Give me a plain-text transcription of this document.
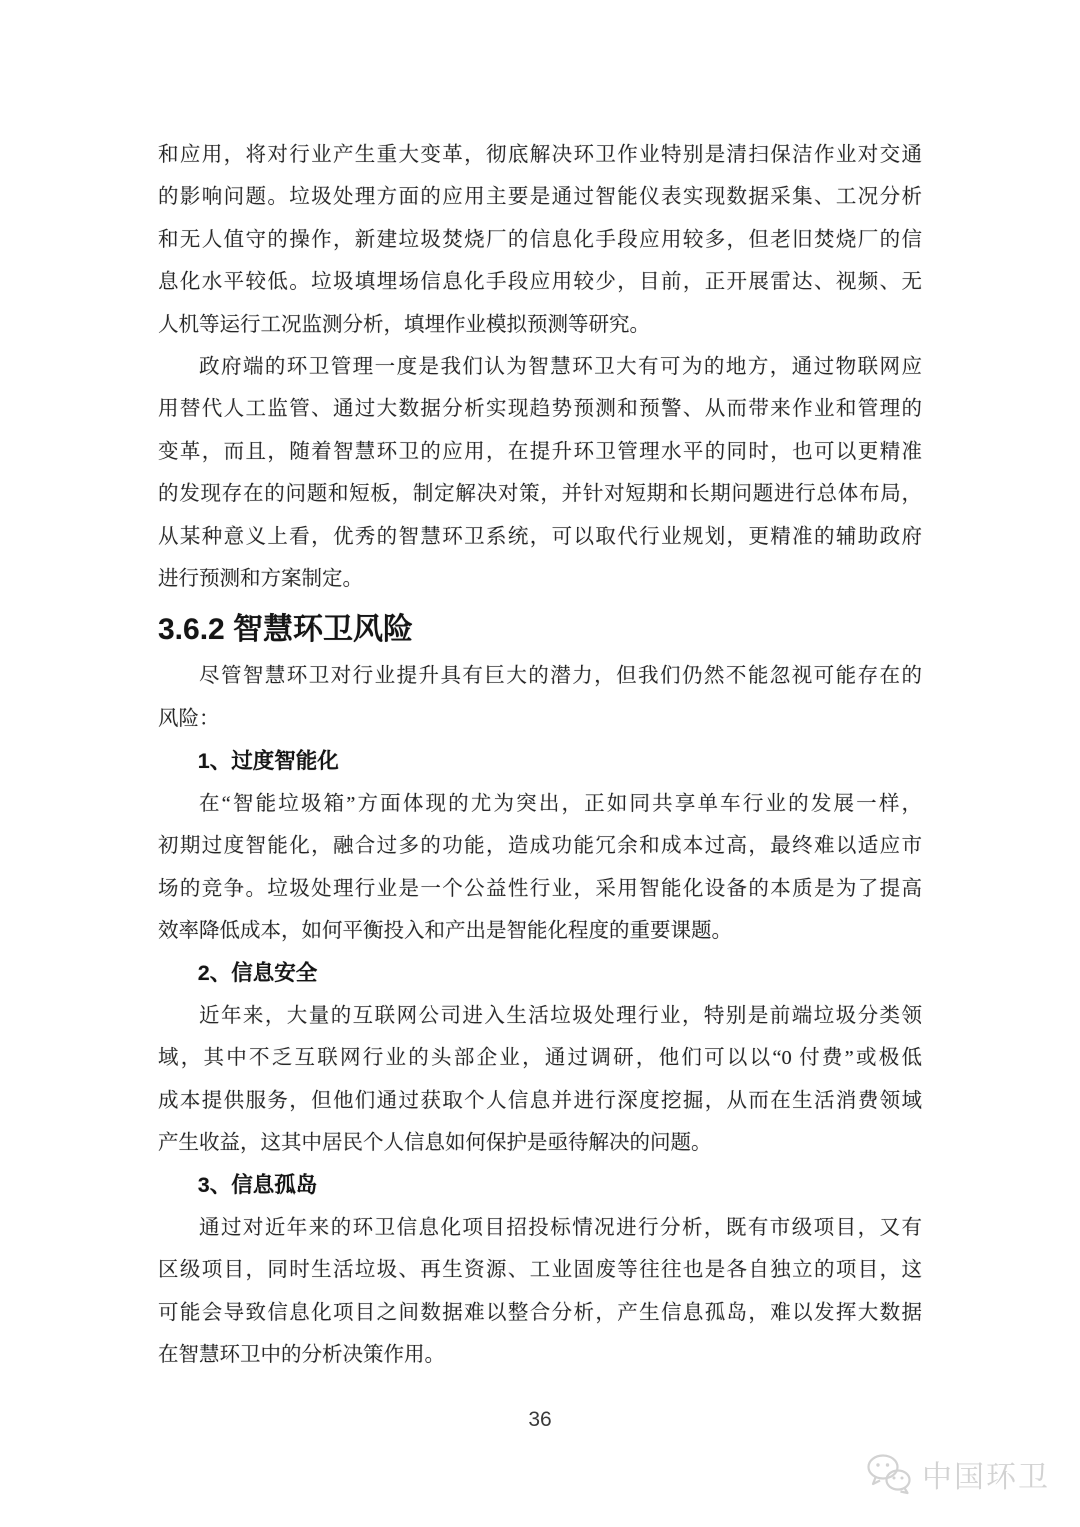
和应用，将对行业产生重大变革，彻底解决环卫作业特别是清扫保洁作业对交通
的影响问题。垃圾处理方面的应用主要是通过智能仪表实现数据采集、工况分析
和无人值守的操作，新建垃圾焚烧厂的信息化手段应用较多，但老旧焚烧厂的信
息化水平较低。垃圾填埋场信息化手段应用较少，目前，正开展雷达、视频、无
人机等运行工况监测分析，填埋作业模拟预测等研究。
政府端的环卫管理一度是我们认为智慧环卫大有可为的地方，通过物联网应
用替代人工监管、通过大数据分析实现趋势预测和预警、从而带来作业和管理的
变革，而且，随着智慧环卫的应用，在提升环卫管理水平的同时，也可以更精准
的发现存在的问题和短板，制定解决对策，并针对短期和长期问题进行总体布局，
从某种意义上看，优秀的智慧环卫系统，可以取代行业规划，更精准的辅助政府
进行预测和方案制定。
3.6.2 智慧环卫风险
尽管智慧环卫对行业提升具有巨大的潜力，但我们仍然不能忽视可能存在的
风险：
1、过度智能化
在“智能垃圾箱”方面体现的尤为突出，正如同共享单车行业的发展一样，
初期过度智能化，融合过多的功能，造成功能冗余和成本过高，最终难以适应市
场的竞争。垃圾处理行业是一个公益性行业，采用智能化设备的本质是为了提高
效率降低成本，如何平衡投入和产出是智能化程度的重要课题。
2、信息安全
近年来，大量的互联网公司进入生活垃圾处理行业，特别是前端垃圾分类领
域，其中不乏互联网行业的头部企业，通过调研，他们可以以“0 付费”或极低
成本提供服务，但他们通过获取个人信息并进行深度挖掘，从而在生活消费领域
产生收益，这其中居民个人信息如何保护是亟待解决的问题。
3、信息孤岛
通过对近年来的环卫信息化项目招投标情况进行分析，既有市级项目，又有
区级项目，同时生活垃圾、再生资源、工业固废等往往也是各自独立的项目，这
可能会导致信息化项目之间数据难以整合分析，产生信息孤岛，难以发挥大数据
在智慧环卫中的分析决策作用。
36
中国环卫
